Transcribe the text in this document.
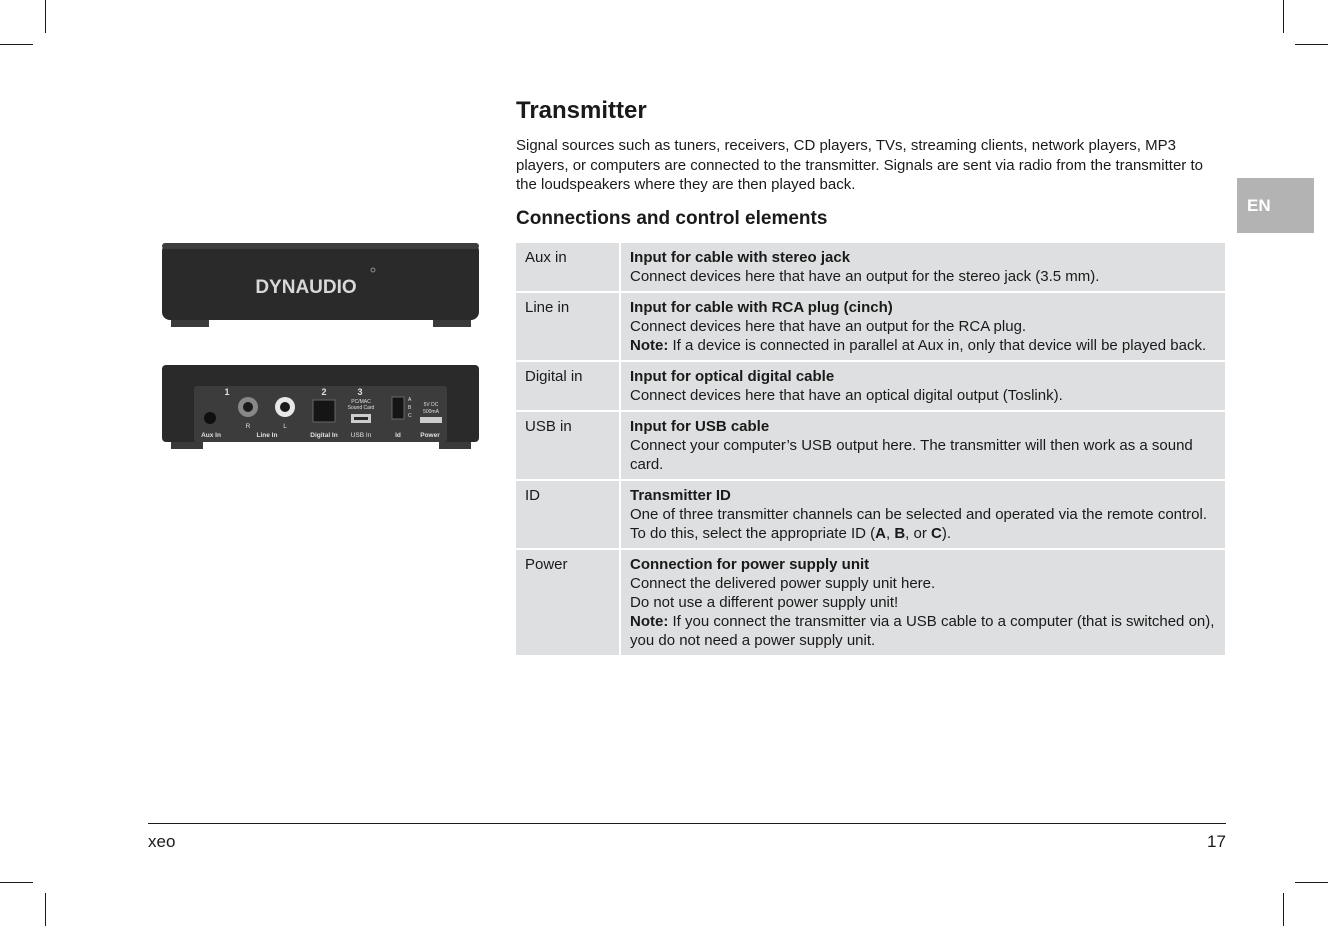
EN
Transmitter

Signal sources such as tuners, receivers, CD players, TVs, streaming clients, network players, MP3 players, or computers are connected to the transmitter. Signals are sent via radio from the transmitter to the loudspeakers where they are then played back.

Connections and control elements
DYNAUDIO
1	2	3
PC/MAC
Sound Card
A
B
C
5V DC
500mA
Aux In
R	L
Line In	Digital In USB In	Id	Power
Aux in	Input for cable with stereo jack
Connect devices here that have an output for the stereo jack (3.5 mm).

Line in	Input for cable with RCA plug (cinch)
Connect devices here that have an output for the RCA plug.
Note: If a device is connected in parallel at Aux in, only that device will be played back.

Digital in	Input for optical digital cable
Connect devices here that have an optical digital output (Toslink).

USB in	Input for USB cable
Connect your computer’s USB output here. The transmitter will then work as a sound card.

ID	Transmitter ID
One of three transmitter channels can be selected and operated via the remote control. To do this, select the appropriate ID (A, B, or C).

Power	Connection for power supply unit
Connect the delivered power supply unit here.
Do not use a different power supply unit!
Note: If you connect the transmitter via a USB cable to a computer (that is switched on), you do not need a power supply unit.
xeo	17
